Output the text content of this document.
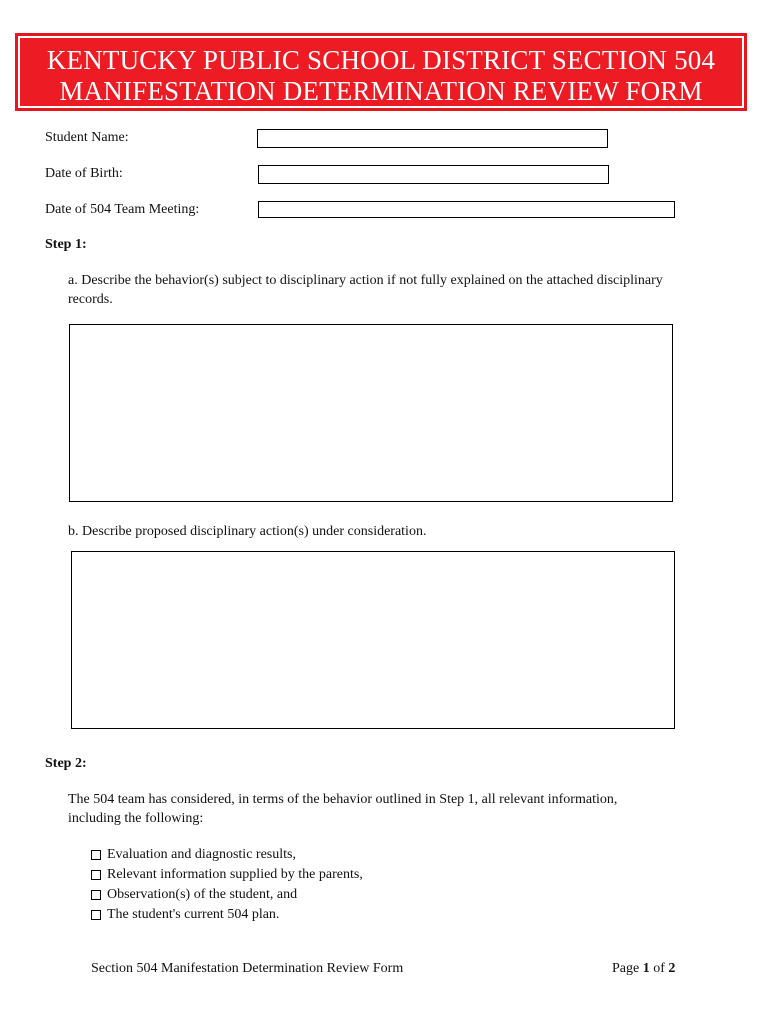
KENTUCKY PUBLIC SCHOOL DISTRICT SECTION 504
MANIFESTATION DETERMINATION REVIEW FORM
Student Name:
Date of Birth:
Date of 504 Team Meeting:
Step 1:
a. Describe the behavior(s) subject to disciplinary action if not fully explained on the attached disciplinary records.
b. Describe proposed disciplinary action(s) under consideration.
Step 2:
The 504 team has considered, in terms of the behavior outlined in Step 1, all relevant information, including the following:
Evaluation and diagnostic results,
Relevant information supplied by the parents,
Observation(s) of the student, and
The student's current 504 plan.
Section 504 Manifestation Determination Review Form	Page 1 of 2
